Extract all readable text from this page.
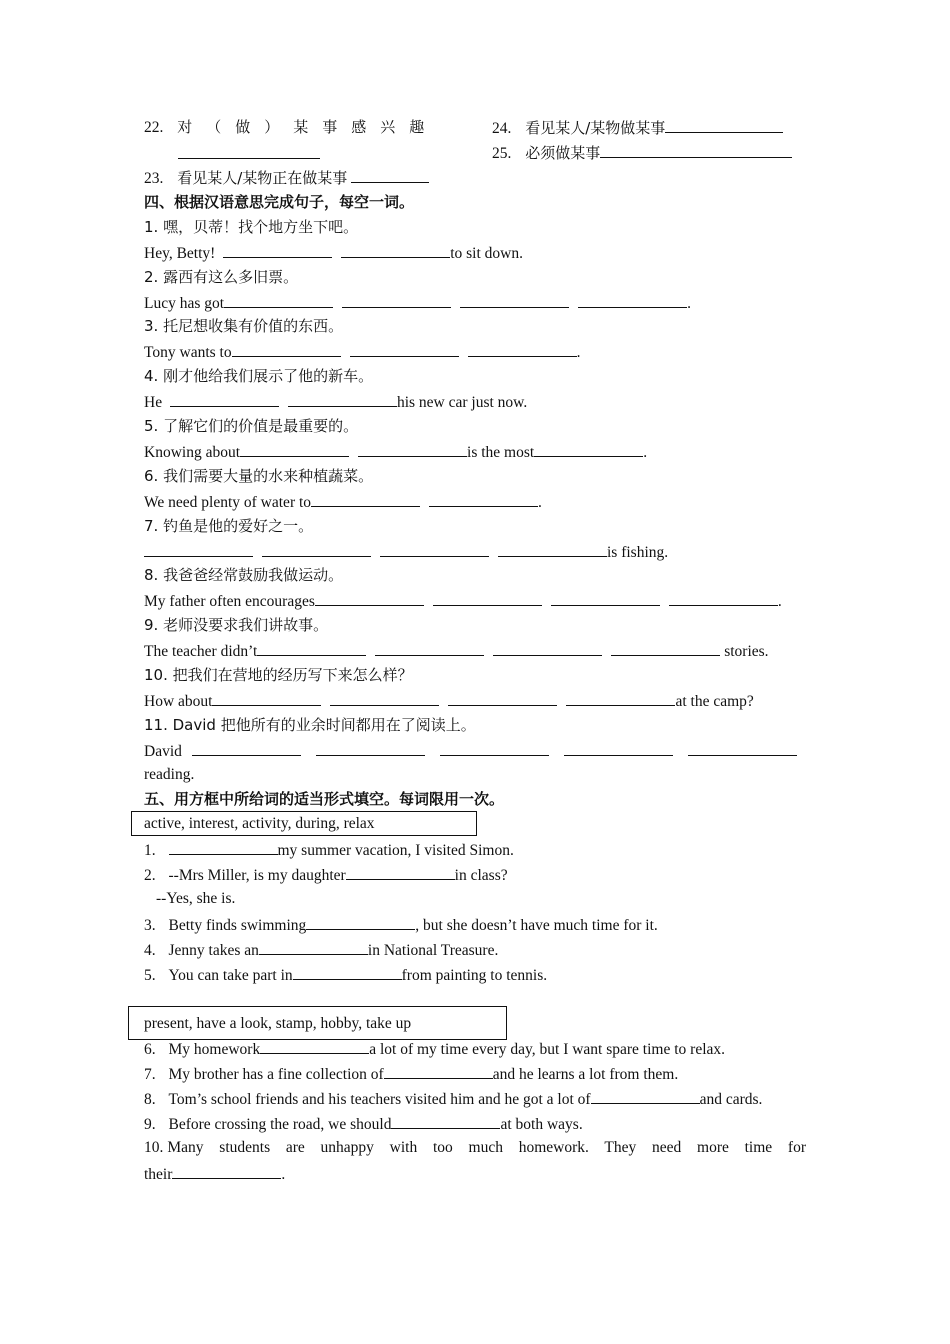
22. 对（做）某事感兴趣	24. 看见某人/某物做某事
25. 必须做某事
23. 看见某人/某物正在做某事
四、根据汉语意思完成句子，每空一词。
1. 嘿，贝蒂！找个地方坐下吧。
Hey, Betty!	to sit down.
2. 露西有这么多旧票。
Lucy has got	.
3. 托尼想收集有价值的东西。
Tony wants to	.
4. 刚才他给我们展示了他的新车。
He	his new car just now.
5. 了解它们的价值是最重要的。
Knowing about	is the most	.
6. 我们需要大量的水来种植蔬菜。
We need plenty of water to	.
7. 钓鱼是他的爱好之一。
is fishing.
8. 我爸爸经常鼓励我做运动。
My father often encourages	.
9. 老师没要求我们讲故事。
The teacher didn’t	stories.
10. 把我们在营地的经历写下来怎么样？
How about	at the camp?
11. David 把他所有的业余时间都用在了阅读上。
David
reading.
五、用方框中所给词的适当形式填空。每词限用一次。
active, interest, activity, during, relax
1.	my summer vacation, I visited Simon.
2. --Mrs Miller, is my daughter	in class?
--Yes, she is.
3. Betty finds swimming	, but she doesn’t have much time for it.
4. Jenny takes an	in National Treasure.
5. You can take part in	from painting to tennis.
present, have a look, stamp, hobby, take up
6. My homework	a lot of my time every day, but I want spare time to relax.
7. My brother has a fine collection of	and he learns a lot from them.
8. Tom’s school friends and his teachers visited him and he got a lot of	and cards.
9. Before crossing the road, we should	at both ways.
10. Many students are unhappy with too much homework. They need more time for
their	.
